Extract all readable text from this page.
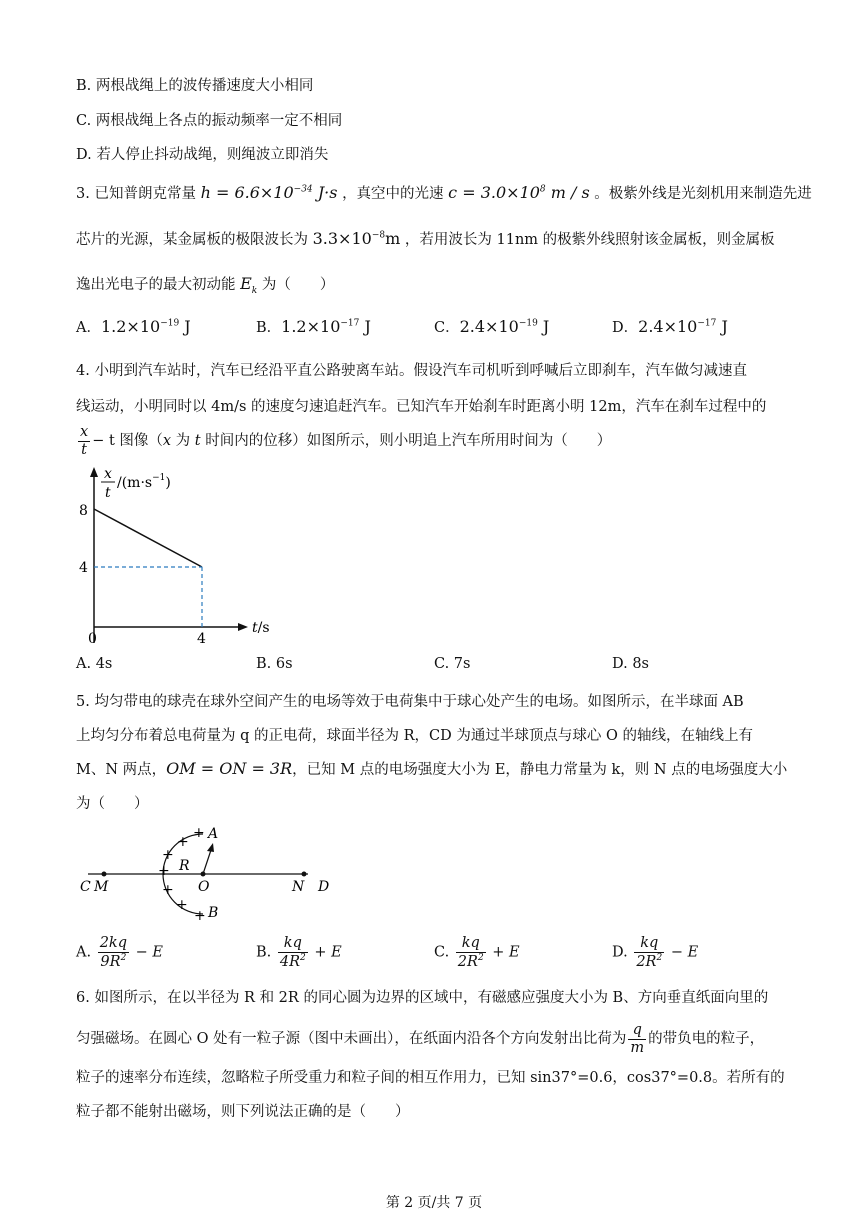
B. 两根战绳上的波传播速度大小相同
C. 两根战绳上各点的振动频率一定不相同
D. 若人停止抖动战绳，则绳波立即消失
3. 已知普朗克常量 $h = 6.6\times 10^{-34}$ J·s ，真空中的光速 $c = 3.0\times 10^8$ m / s 。极紫外线是光刻机用来制造先进
芯片的光源，某金属板的极限波长为 $3.3\times 10^{-8}m$ ，若用波长为 11nm 的极紫外线照射该金属板，则金属板
逸出光电子的最大初动能 $E_k$ 为（　　）
A．$1.2\times 10^{-19}$ J	B．$1.2\times 10^{-17}$ J	C．$2.4\times 10^{-19}$ J	D．$2.4\times 10^{-17}$ J
4. 小明到汽车站时，汽车已经沿平直公路驶离车站。假设汽车司机听到呼喊后立即刹车，汽车做匀减速直
线运动，小明同时以 4m/s 的速度匀速追赶汽车。已知汽车开始刹车时距离小明 12m，汽车在刹车过程中的
$\frac{x}{t} - t$ 图像（x 为 t 时间内的位移）如图所示，则小明追上汽车所用时间为（　　）
x
t
$/(m\cdot s^{-1})$
8
4
0	4
t/s
A. 4s	B. 6s	C. 7s	D. 8s
5. 均匀带电的球壳在球外空间产生的电场等效于电荷集中于球心处产生的电场。如图所示，在半球面 AB
上均匀分布着总电荷量为 q 的正电荷，球面半径为 R，CD 为通过半球顶点与球心 O 的轴线，在轴线上有
M、N 两点，OM = ON = 3R，已知 M 点的电场强度大小为 E，静电力常量为 k，则 N 点的电场强度大小
为（　　）
A
B
R
C M	O	N D
+
+
+
+
+
+
+
A. $\frac{2kq}{9R^2} - E$	B. $\frac{kq}{4R^2} + E$	C. $\frac{kq}{2R^2} + E$	D. $\frac{kq}{2R^2} - E$
6. 如图所示，在以半径为 R 和 2R 的同心圆为边界的区域中，有磁感应强度大小为 B、方向垂直纸面向里的
匀强磁场。在圆心 O 处有一粒子源（图中未画出），在纸面内沿各个方向发射出比荷为 $\frac{q}{m}$ 的带负电的粒子，
粒子的速率分布连续，忽略粒子所受重力和粒子间的相互作用力，已知 sin37°=0.6，cos37°=0.8。若所有的
粒子都不能射出磁场，则下列说法正确的是（　　）
第 2 页/共 7 页
